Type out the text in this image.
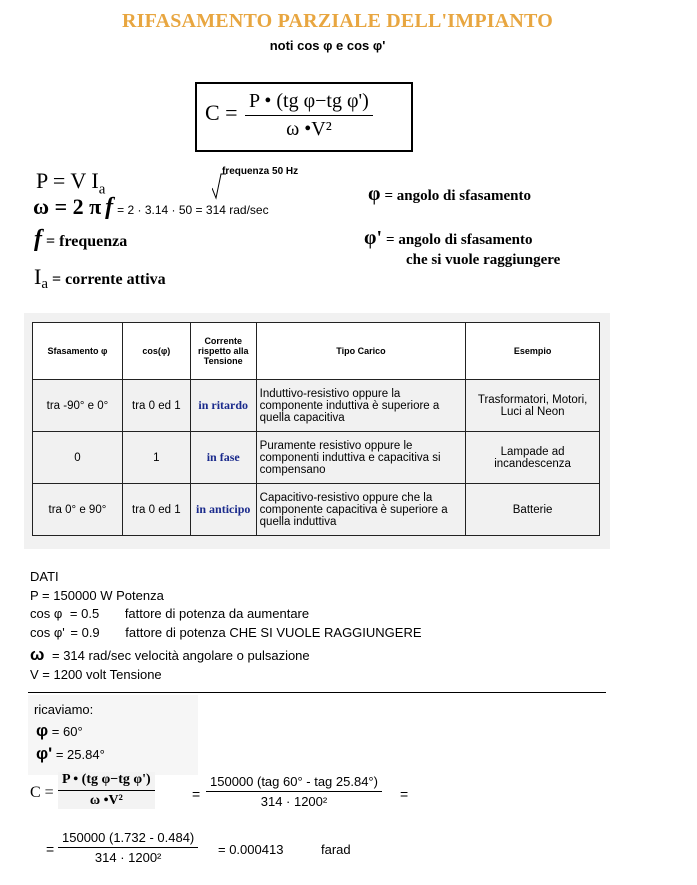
RIFASAMENTO PARZIALE DELL'IMPIANTO
noti cos φ e cos φ'
$C = \frac{\text{P • (tg φ−tg φ')}}{\text{ω •V²}}$
P = V $I_a$
frequenza 50 Hz
ω = 2 π f = 2 · 3.14 · 50 = 314 rad/sec
f = frequenza
$I_a$ = corrente attiva
φ = angolo di sfasamento
φ' = angolo di sfasamento
che si vuole raggiungere
Sfasamento φ	cos(φ)	Corrente rispetto alla Tensione	Tipo Carico	Esempio
tra -90° e 0°	tra 0 ed 1	in ritardo	Induttivo-resistivo oppure la componente induttiva è superiore a quella capacitiva	Trasformatori, Motori, Luci al Neon
0	1	in fase	Puramente resistivo oppure le componenti induttiva e capacitiva si compensano	Lampade ad incandescenza
tra 0° e 90°	tra 0 ed 1	in anticipo	Capacitivo-resistivo oppure che la componente capacitiva è superiore a quella induttiva	Batterie
DATI
P = 150000 W Potenza
cos φ = 0.5 fattore di potenza da aumentare
cos φ' = 0.9 fattore di potenza CHE SI VUOLE RAGGIUNGERE
ω = 314 rad/sec velocità angolare o pulsazione
V = 1200 volt Tensione
ricaviamo:
φ = 60°
φ' = 25.84°
$C = \frac{\text{P • (tg φ−tg φ')}}{\text{ω •V²}}$	= $\frac{\text{150000 (tag 60° - tag 25.84°)}}{\text{314 · 1200²}}$ =
= $\frac{150000 (1.732 - 0.484)}{\text{314 · 1200²}} = 0.000413$	farad
